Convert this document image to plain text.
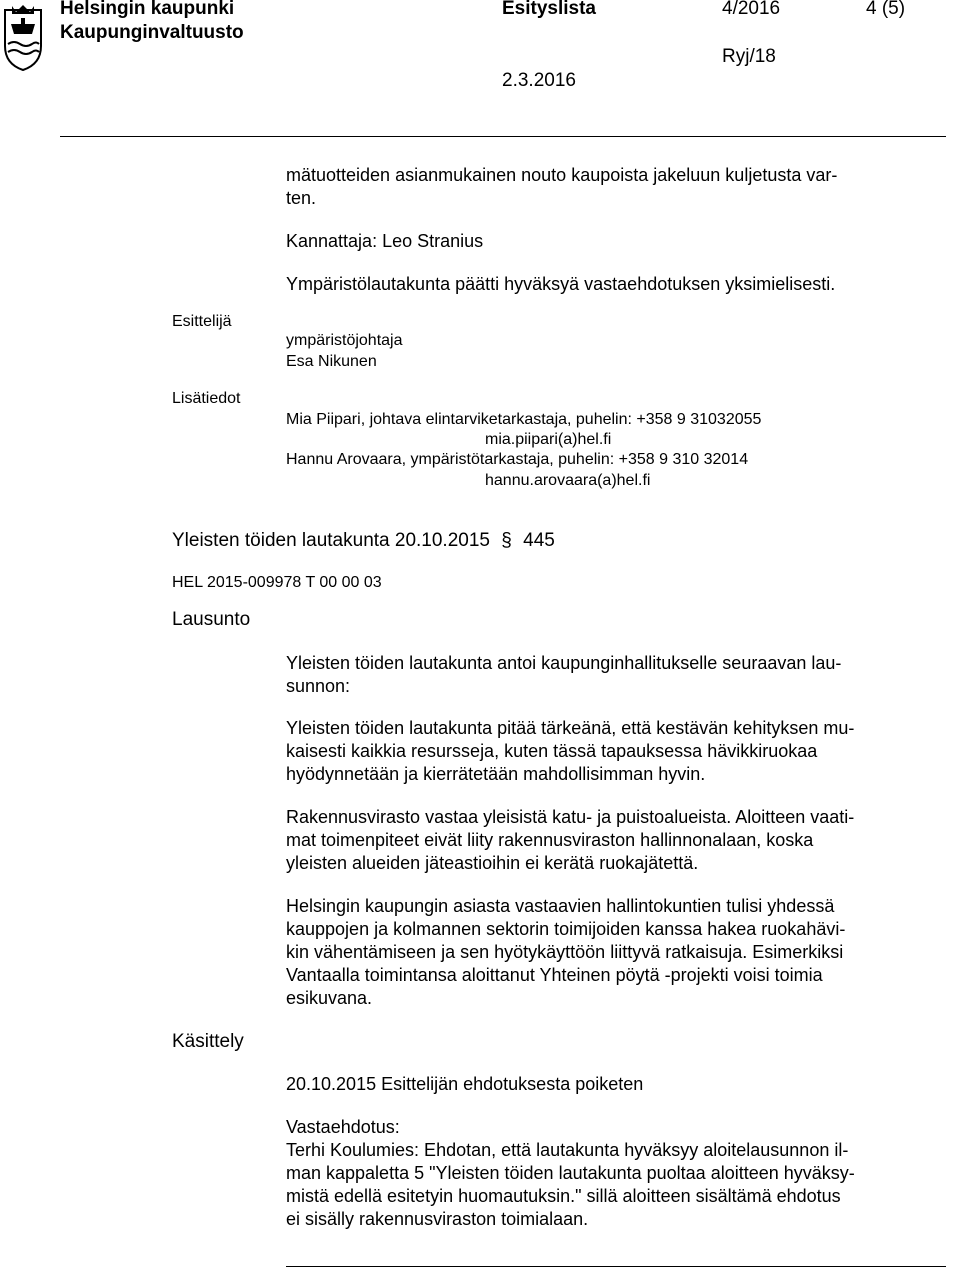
Helsingin kaupunki
Kaupunginvaltuusto
Esityslista	4/2016	4 (5)
Ryj/18
2.3.2016
mätuotteiden asianmukainen nouto kaupoista jakeluun kuljetusta var-
ten.
Kannattaja: Leo Stranius
Ympäristölautakunta päätti hyväksyä vastaehdotuksen yksimielisesti.
Esittelijä
ympäristöjohtaja
Esa Nikunen
Lisätiedot
Mia Piipari, johtava elintarviketarkastaja, puhelin: +358 9 31032055
mia.piipari(a)hel.fi
Hannu Arovaara, ympäristötarkastaja, puhelin: +358 9 310 32014
hannu.arovaara(a)hel.fi
Yleisten töiden lautakunta 20.10.2015 § 445
HEL 2015-009978 T 00 00 03
Lausunto
Yleisten töiden lautakunta antoi kaupunginhallitukselle seuraavan lau-
sunnon:
Yleisten töiden lautakunta pitää tärkeänä, että kestävän kehityksen mu-
kaisesti kaikkia resursseja, kuten tässä tapauksessa hävikkiruokaa
hyödynnetään ja kierrätetään mahdollisimman hyvin.
Rakennusvirasto vastaa yleisistä katu- ja puistoalueista. Aloitteen vaati-
mat toimenpiteet eivät liity rakennusviraston hallinnonalaan, koska
yleisten alueiden jäteastioihin ei kerätä ruokajätettä.
Helsingin kaupungin asiasta vastaavien hallintokuntien tulisi yhdessä
kauppojen ja kolmannen sektorin toimijoiden kanssa hakea ruokahävi-
kin vähentämiseen ja sen hyötykäyttöön liittyvä ratkaisuja. Esimerkiksi
Vantaalla toimintansa aloittanut Yhteinen pöytä -projekti voisi toimia
esikuvana.
Käsittely
20.10.2015 Esittelijän ehdotuksesta poiketen
Vastaehdotus:
Terhi Koulumies: Ehdotan, että lautakunta hyväksyy aloitelausunnon il-
man kappaletta 5 "Yleisten töiden lautakunta puoltaa aloitteen hyväksy-
mistä edellä esitetyin huomautuksin." sillä aloitteen sisältämä ehdotus
ei sisälly rakennusviraston toimialaan.
